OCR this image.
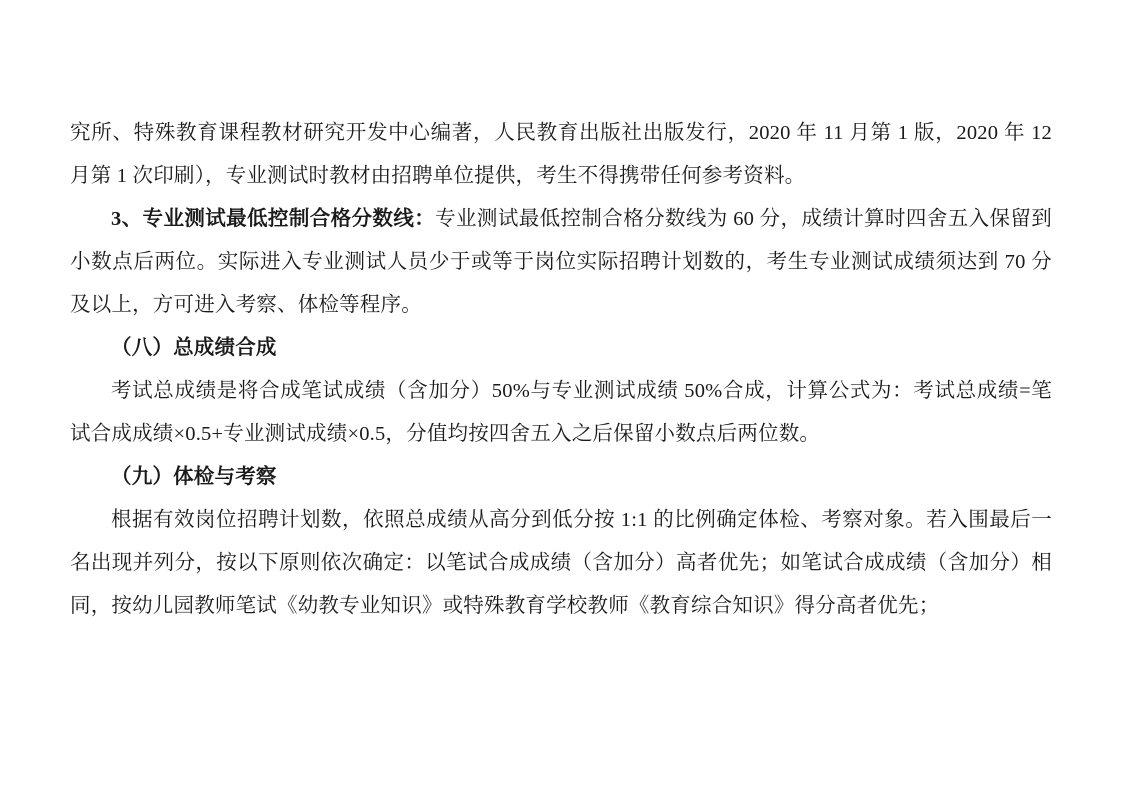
究所、特殊教育课程教材研究开发中心编著，人民教育出版社出版发行，2020 年 11 月第 1 版，2020 年 12 月第 1 次印刷），专业测试时教材由招聘单位提供，考生不得携带任何参考资料。

3、专业测试最低控制合格分数线：专业测试最低控制合格分数线为 60 分，成绩计算时四舍五入保留到小数点后两位。实际进入专业测试人员少于或等于岗位实际招聘计划数的，考生专业测试成绩须达到 70 分及以上，方可进入考察、体检等程序。

（八）总成绩合成

考试总成绩是将合成笔试成绩（含加分）50%与专业测试成绩 50%合成，计算公式为：考试总成绩=笔试合成成绩×0.5+专业测试成绩×0.5，分值均按四舍五入之后保留小数点后两位数。

（九）体检与考察

根据有效岗位招聘计划数，依照总成绩从高分到低分按 1:1 的比例确定体检、考察对象。若入围最后一名出现并列分，按以下原则依次确定：以笔试合成成绩（含加分）高者优先；如笔试合成成绩（含加分）相同，按幼儿园教师笔试《幼教专业知识》或特殊教育学校教师《教育综合知识》得分高者优先；
